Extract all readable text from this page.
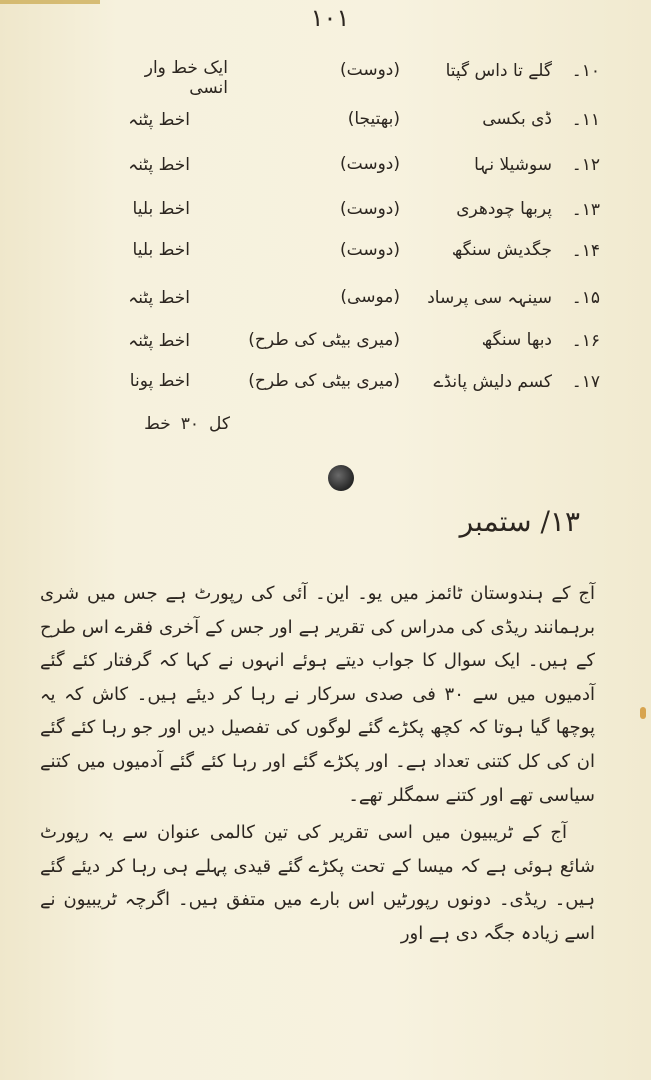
۱۰۱
ایک خط وار انسی
۱۰۔
گلے تا داس گپتا
(دوست)
۱۱۔
ڈی بکسی
(بھتیجا)
اخط پٹنہ
۱۲۔
سوشیلا نہا
(دوست)
اخط پٹنہ
۱۳۔
پربھا چودھری
(دوست)
اخط بلیا
۱۴۔
جگدیش سنگھ
(دوست)
اخط بلیا
۱۵۔
سینہہ سی پرساد
(موسی)
اخط پٹنہ
۱۶۔
دبھا سنگھ
(میری بیٹی کی طرح)
اخط پٹنہ
۱۷۔
کسم دلیش پانڈے
(میری بیٹی کی طرح)
اخط پونا
کل
۳۰
خط
۱۳/ ستمبر

آج کے ہندوستان ٹائمز میں یو۔ این۔ آئی کی رپورٹ ہے جس میں شری برہمانند ریڈی کی مدراس کی تقریر ہے اور جس کے آخری فقرے اس طرح کے ہیں۔ ایک سوال کا جواب دیتے ہوئے انہوں نے کہا کہ گرفتار کئے گئے آدمیوں میں سے ۳۰ فی صدی سرکار نے رہا کر دیئے ہیں۔ کاش کہ یہ پوچھا گیا ہوتا کہ کچھ پکڑے گئے لوگوں کی تفصیل دیں اور جو رہا کئے گئے ان کی کل کتنی تعداد ہے۔ اور پکڑے گئے اور رہا کئے گئے آدمیوں میں کتنے سیاسی تھے اور کتنے سمگلر تھے۔

آج کے ٹریبیون میں اسی تقریر کی تین کالمی عنوان سے یہ رپورٹ شائع ہوئی ہے کہ میسا کے تحت پکڑے گئے قیدی پہلے ہی رہا کر دیئے گئے ہیں۔ ریڈی۔ دونوں رپورٹیں اس بارے میں متفق ہیں۔ اگرچہ ٹریبیون نے اسے زیادہ جگہ دی ہے اور
